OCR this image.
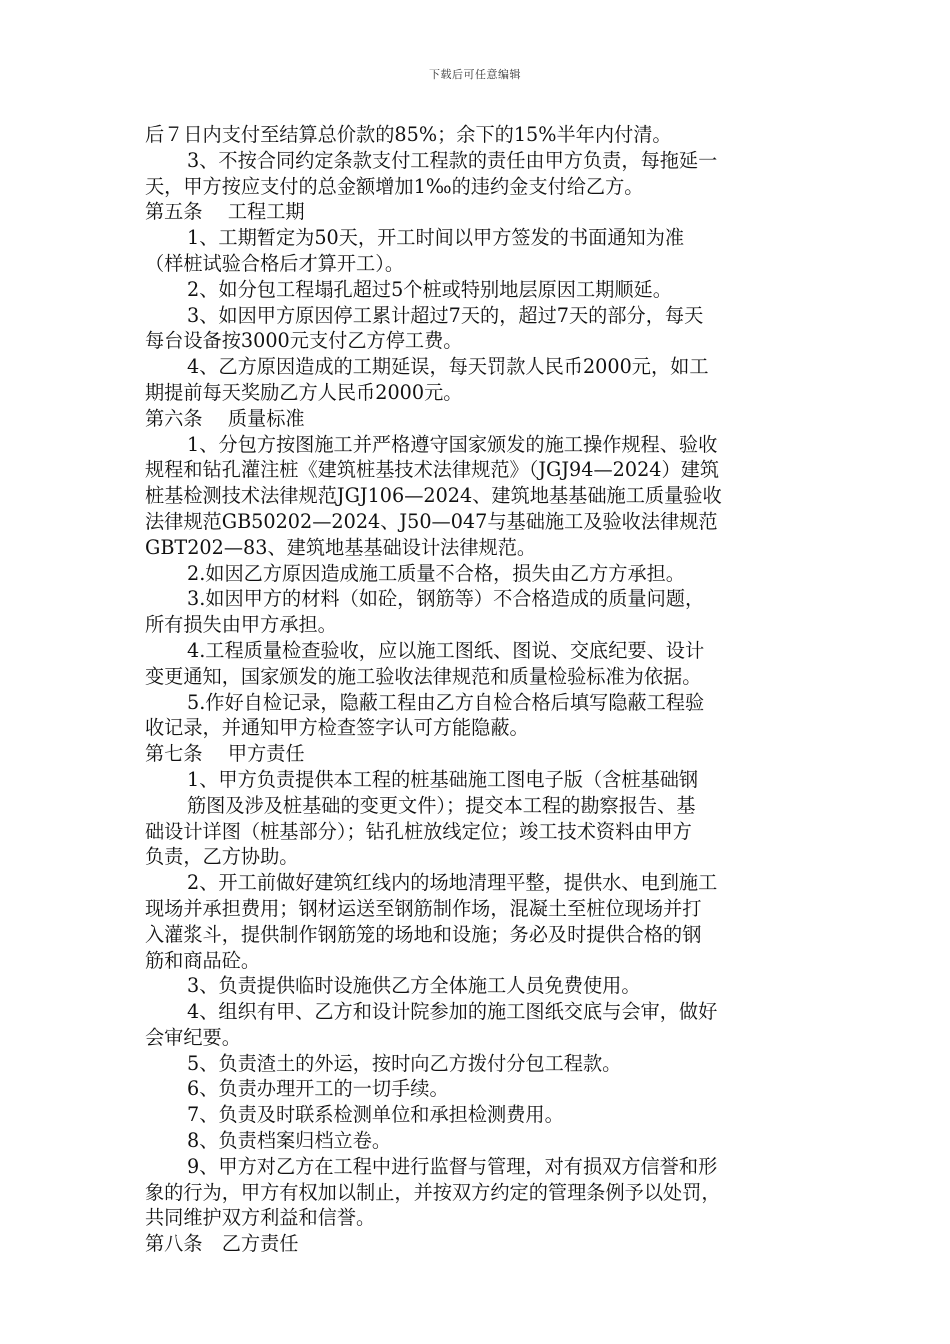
下载后可任意编辑
后７日内支付至结算总价款的85%；余下的15%半年内付清。
3、不按合同约定条款支付工程款的责任由甲方负责，每拖延一
天，甲方按应支付的总金额增加1‰的违约金支付给乙方。
第五条　 工程工期
1、工期暂定为50天，开工时间以甲方签发的书面通知为准
（样桩试验合格后才算开工）。
2、如分包工程塌孔超过5个桩或特别地层原因工期顺延。
3、如因甲方原因停工累计超过7天的，超过7天的部分，每天
每台设备按3000元支付乙方停工费。
4、乙方原因造成的工期延误，每天罚款人民币2000元，如工
期提前每天奖励乙方人民币2000元。
第六条　 质量标准
1、分包方按图施工并严格遵守国家颁发的施工操作规程、验收
规程和钻孔灌注桩《建筑桩基技术法律规范》（JGJ94—2024）建筑
桩基检测技术法律规范JGJ106—2024、建筑地基基础施工质量验收
法律规范GB50202—2024、J50—047与基础施工及验收法律规范
GBT202—83、建筑地基基础设计法律规范。
2.如因乙方原因造成施工质量不合格，损失由乙方方承担。
3.如因甲方的材料（如砼，钢筋等）不合格造成的质量问题，
所有损失由甲方承担。
4.工程质量检查验收，应以施工图纸、图说、交底纪要、设计
变更通知，国家颁发的施工验收法律规范和质量检验标准为依据。
5.作好自检记录，隐蔽工程由乙方自检合格后填写隐蔽工程验
收记录，并通知甲方检查签字认可方能隐蔽。
第七条　 甲方责任
1、甲方负责提供本工程的桩基础施工图电子版（含桩基础钢
筋图及涉及桩基础的变更文件）；提交本工程的勘察报告、基
础设计详图（桩基部分）；钻孔桩放线定位；竣工技术资料由甲方
负责，乙方协助。
2、开工前做好建筑红线内的场地清理平整，提供水、电到施工
现场并承担费用；钢材运送至钢筋制作场，混凝土至桩位现场并打
入灌浆斗，提供制作钢筋笼的场地和设施；务必及时提供合格的钢
筋和商品砼。
3、负责提供临时设施供乙方全体施工人员免费使用。
4、组织有甲、乙方和设计院参加的施工图纸交底与会审，做好
会审纪要。
5、负责渣土的外运，按时向乙方拨付分包工程款。
6、负责办理开工的一切手续。
7、负责及时联系检测单位和承担检测费用。
8、负责档案归档立卷。
9、甲方对乙方在工程中进行监督与管理，对有损双方信誉和形
象的行为，甲方有权加以制止，并按双方约定的管理条例予以处罚，
共同维护双方利益和信誉。
第八条　乙方责任
